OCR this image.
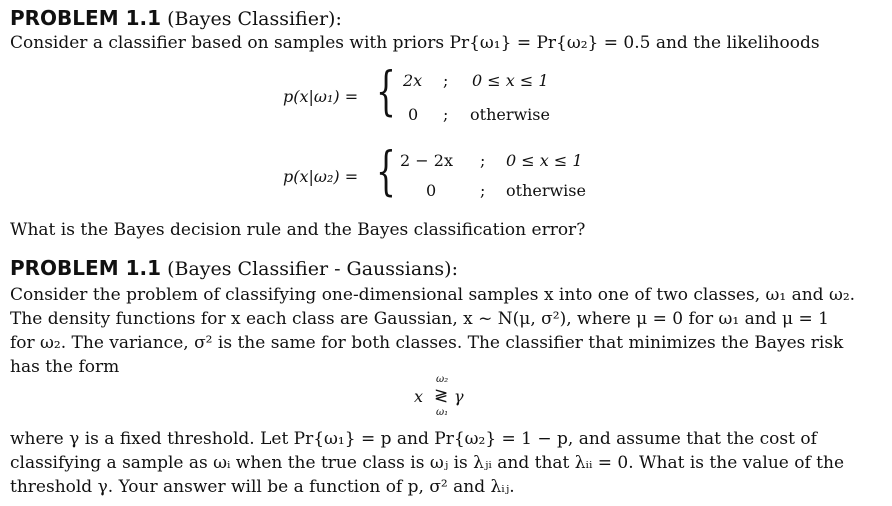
PROBLEM 1.1 (Bayes Classifier):
Consider a classifier based on samples with priors Pr{ω₁} = Pr{ω₂} = 0.5 and the likelihoods
p(x|ω₁) = { 2x ; 0 ≤ x ≤ 1
0 ; otherwise
p(x|ω₂) = { 2 − 2x ; 0 ≤ x ≤ 1
0	; otherwise
What is the Bayes decision rule and the Bayes classification error?
PROBLEM 1.1 (Bayes Classifier - Gaussians):
Consider the problem of classifying one-dimensional samples x into one of two classes, ω₁ and ω₂.
The density functions for x each class are Gaussian, x ~ N(μ, σ²), where μ = 0 for ω₁ and μ = 1
for ω₂. The variance, σ² is the same for both classes. The classifier that minimizes the Bayes risk
has the form
ω₂
x ≷ γ
ω₁
where γ is a fixed threshold. Let Pr{ω₁} = p and Pr{ω₂} = 1 − p, and assume that the cost of
classifying a sample as ωᵢ when the true class is ωⱼ is λⱼᵢ and that λᵢᵢ = 0. What is the value of the
threshold γ. Your answer will be a function of p, σ² and λᵢⱼ.
